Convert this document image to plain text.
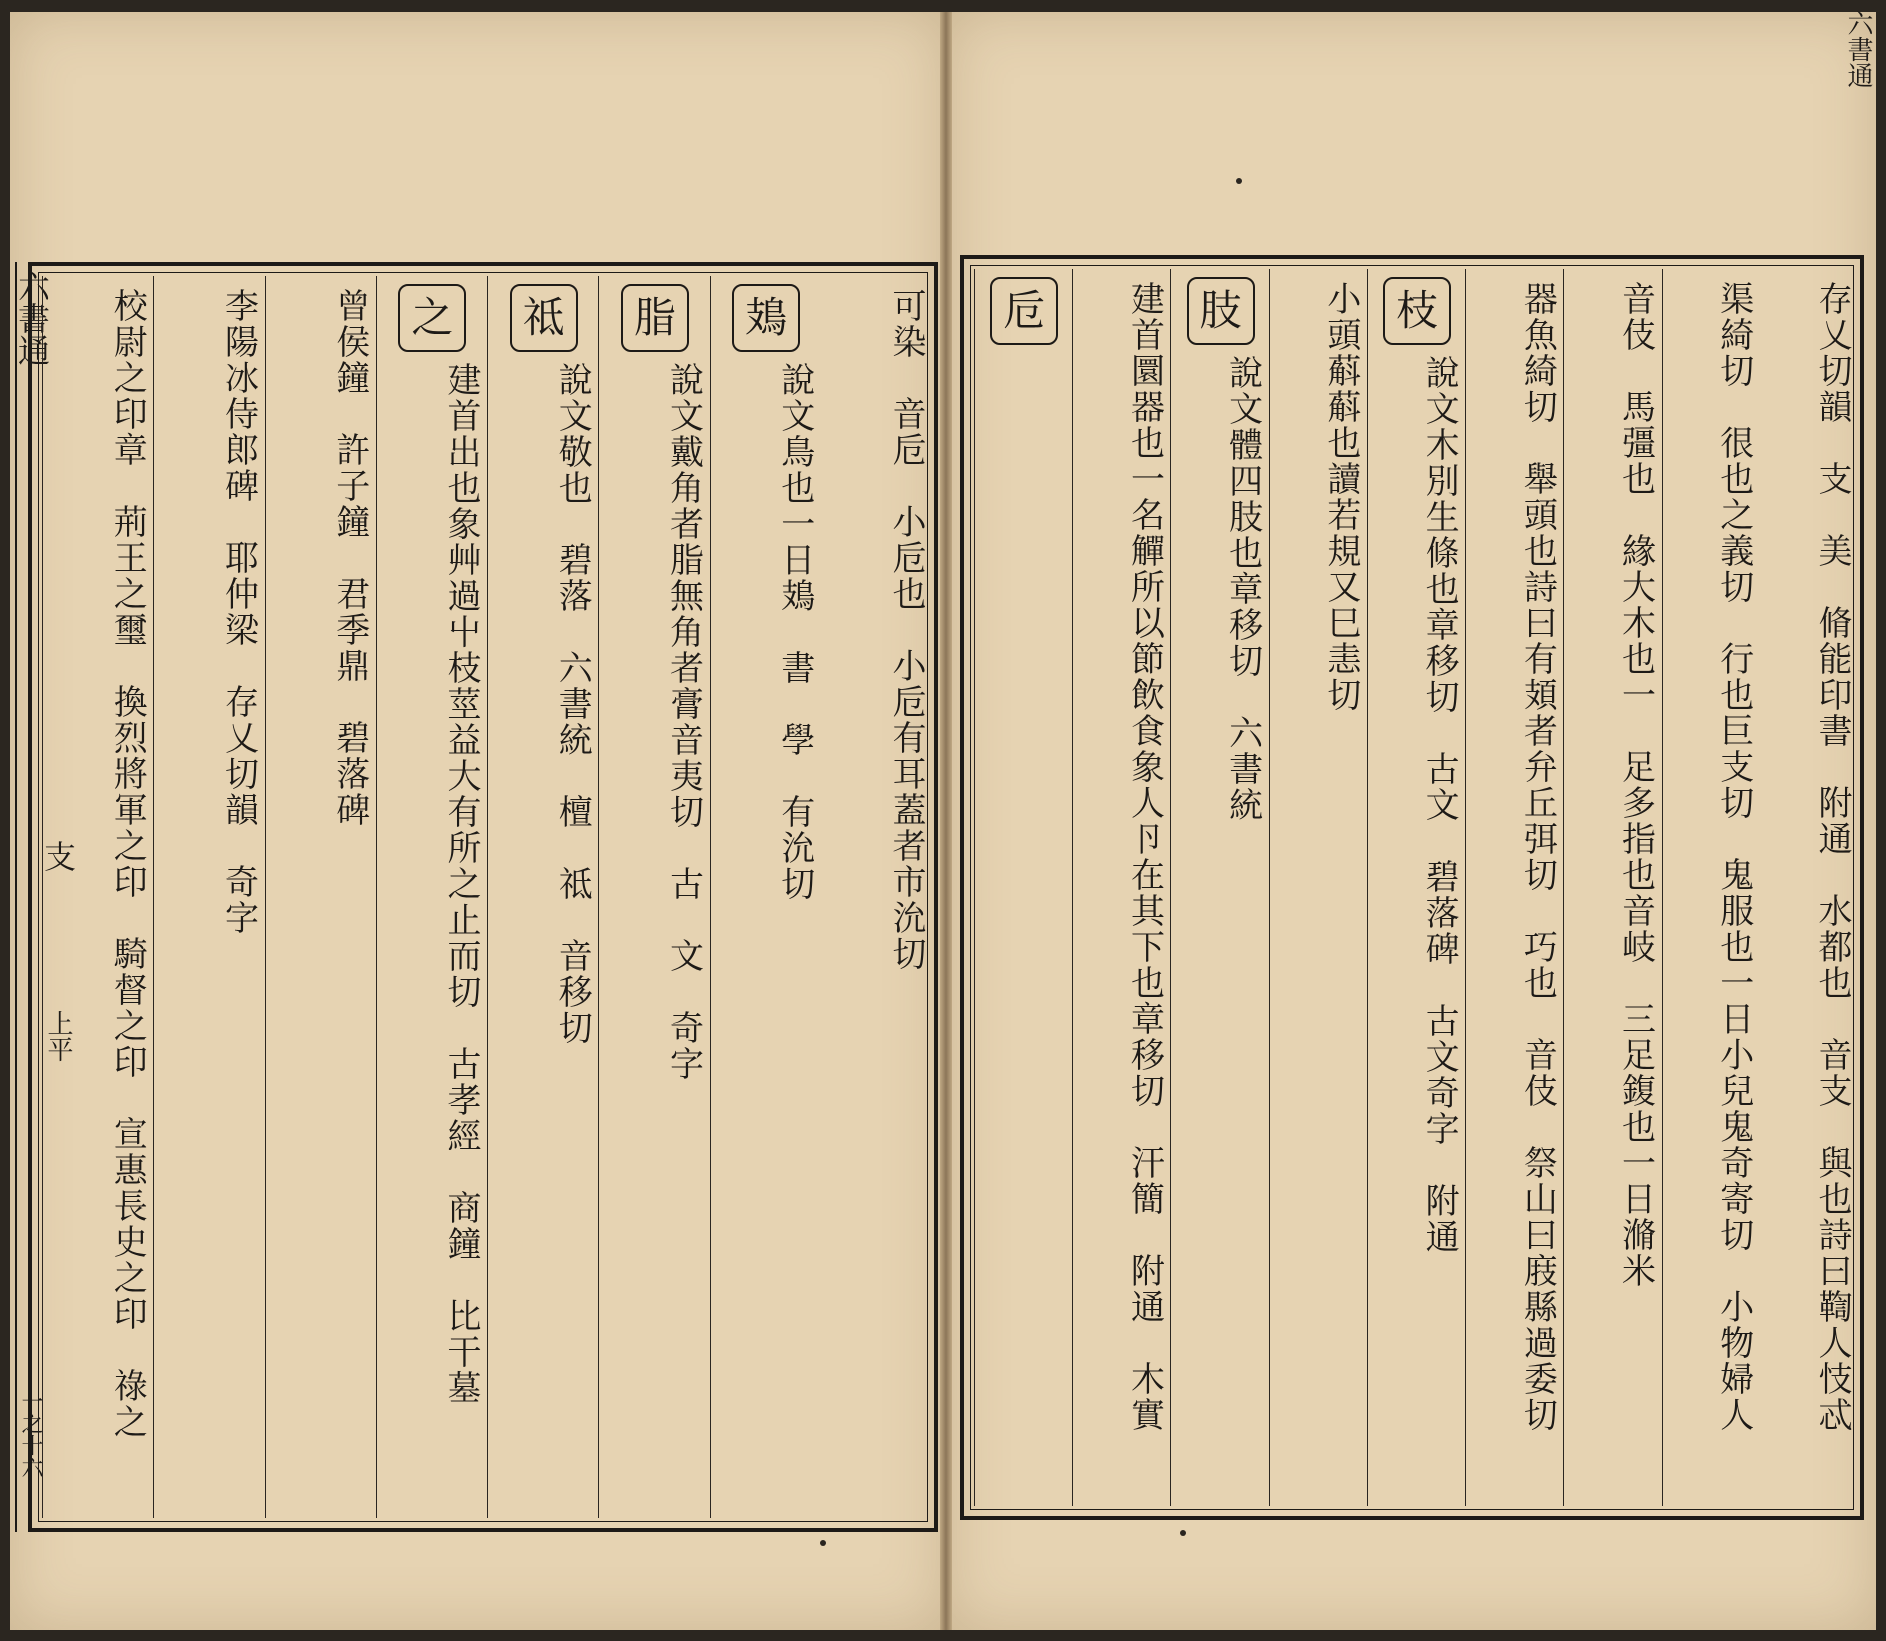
六書通
支
上平
一之十六
六書通
可染　音卮　小卮也　小卮有耳蓋者市沇切
鳷
說文鳥也一日鳷　書　學　有沇切
脂
說文戴角者脂無角者膏音夷切　古　文　奇字
祗
說文敬也　碧落　六書統　檀　祗　音移切
之
建首出也象艸過屮枝莖益大有所之止而切　古孝經　商鐘　比干墓
曾侯鐘　許子鐘　君季鼎　碧落碑
李陽冰侍郎碑　耶仲梁　存乂切韻　奇字
校尉之印章　荊王之璽　換烈將軍之印　騎督之印　宣惠長史之印　祿之	存乂切韻　支　美　脩能印書　附通　水都也　音支　與也詩曰鞫人忮忒
渠綺切　很也之義切　行也巨支切　鬼服也一日小兒鬼奇寄切　小物婦人
音伎　馬彊也　緣大木也一　足多指也音岐　三足鍑也一日滫米
器魚綺切　舉頭也詩曰有頍者弁丘弭切　巧也　音伎　祭山曰庪縣過委切
枝
說文木別生條也章移切　古文　碧落碑　古文奇字　附通
小頭蔛蔛也讀若規又巳恚切
肢
說文體四肢也章移切　六書統
建首圜器也一名觶所以節飲食象人卪在其下也章移切　汗簡　附通　木實
卮
